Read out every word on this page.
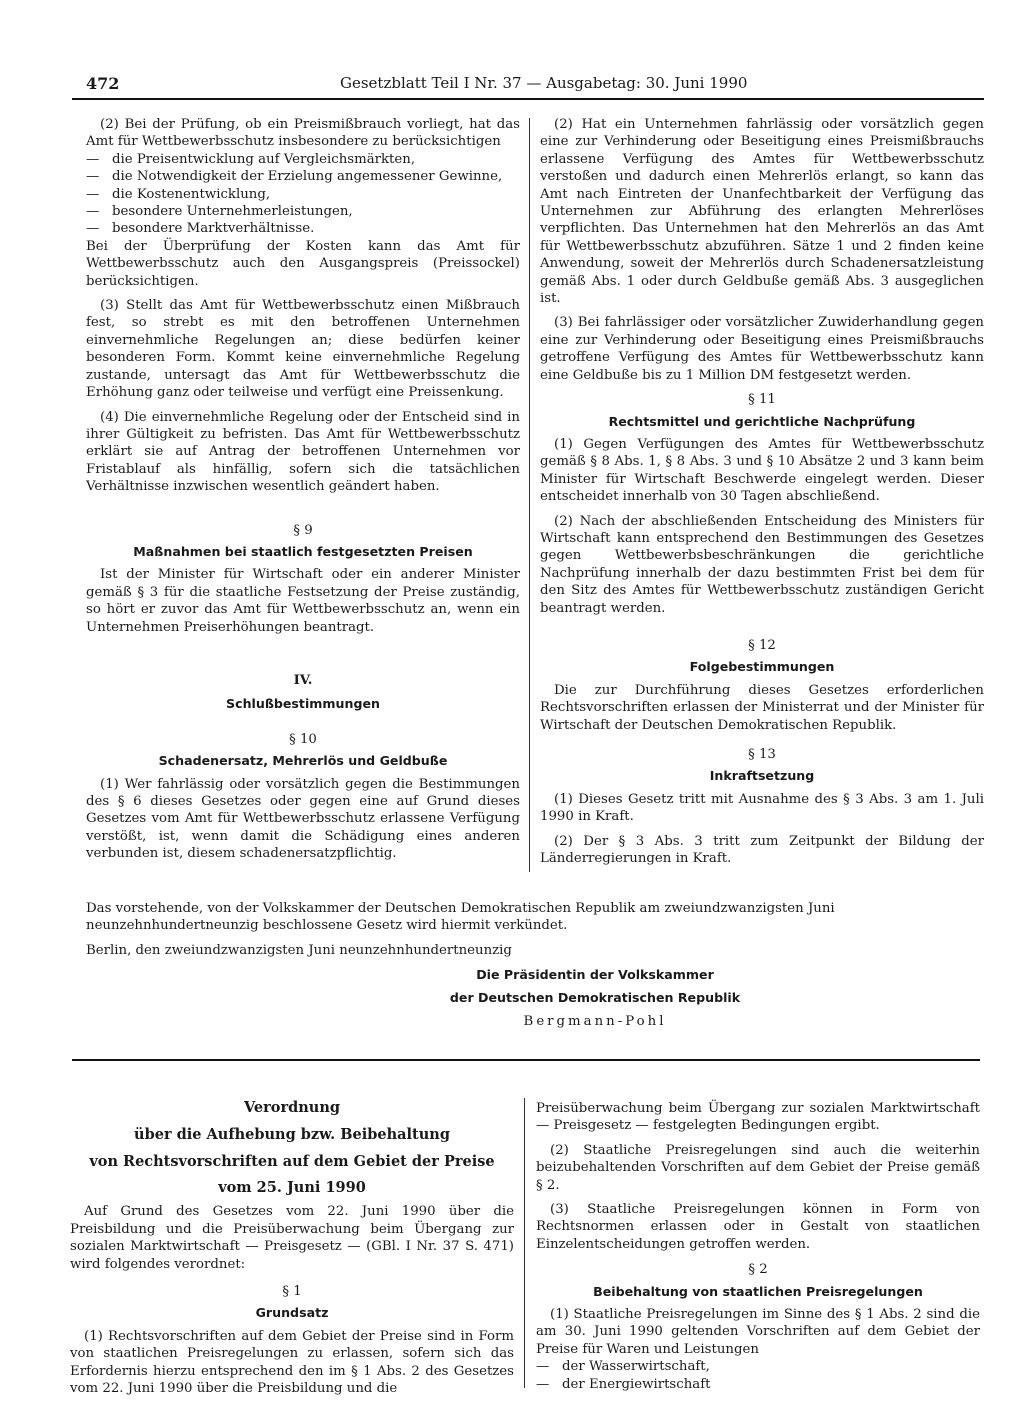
472	Gesetzblatt Teil I Nr. 37 — Ausgabetag: 30. Juni 1990

(2) Bei der Prüfung, ob ein Preismißbrauch vorliegt, hat das Amt für Wettbewerbsschutz insbesondere zu berücksichtigen

— die Preisentwicklung auf Vergleichsmärkten,
— die Notwendigkeit der Erzielung angemessener Gewinne,
— die Kostenentwicklung,
— besondere Unternehmerleistungen,
— besondere Marktverhältnisse.

Bei der Überprüfung der Kosten kann das Amt für Wettbewerbsschutz auch den Ausgangspreis (Preissockel) berücksichtigen.

(3) Stellt das Amt für Wettbewerbsschutz einen Mißbrauch fest, so strebt es mit den betroffenen Unternehmen einvernehmliche Regelungen an; diese bedürfen keiner besonderen Form. Kommt keine einvernehmliche Regelung zustande, untersagt das Amt für Wettbewerbsschutz die Erhöhung ganz oder teilweise und verfügt eine Preissenkung.

(4) Die einvernehmliche Regelung oder der Entscheid sind in ihrer Gültigkeit zu befristen. Das Amt für Wettbewerbsschutz erklärt sie auf Antrag der betroffenen Unternehmen vor Fristablauf als hinfällig, sofern sich die tatsächlichen Verhältnisse inzwischen wesentlich geändert haben.

§ 9
Maßnahmen bei staatlich festgesetzten Preisen

Ist der Minister für Wirtschaft oder ein anderer Minister gemäß § 3 für die staatliche Festsetzung der Preise zuständig, so hört er zuvor das Amt für Wettbewerbsschutz an, wenn ein Unternehmen Preiserhöhungen beantragt.

IV.
Schlußbestimmungen
§ 10
Schadenersatz, Mehrerlös und Geldbuße

(1) Wer fahrlässig oder vorsätzlich gegen die Bestimmungen des § 6 dieses Gesetzes oder gegen eine auf Grund dieses Gesetzes vom Amt für Wettbewerbsschutz erlassene Verfügung verstößt, ist, wenn damit die Schädigung eines anderen verbunden ist, diesem schadenersatzpflichtig.

(2) Hat ein Unternehmen fahrlässig oder vorsätzlich gegen eine zur Verhinderung oder Beseitigung eines Preismißbrauchs erlassene Verfügung des Amtes für Wettbewerbsschutz verstoßen und dadurch einen Mehrerlös erlangt, so kann das Amt nach Eintreten der Unanfechtbarkeit der Verfügung das Unternehmen zur Abführung des erlangten Mehrerlöses verpflichten. Das Unternehmen hat den Mehrerlös an das Amt für Wettbewerbsschutz abzuführen. Sätze 1 und 2 finden keine Anwendung, soweit der Mehrerlös durch Schadenersatzleistung gemäß Abs. 1 oder durch Geldbuße gemäß Abs. 3 ausgeglichen ist.

(3) Bei fahrlässiger oder vorsätzlicher Zuwiderhandlung gegen eine zur Verhinderung oder Beseitigung eines Preismißbrauchs getroffene Verfügung des Amtes für Wettbewerbsschutz kann eine Geldbuße bis zu 1 Million DM festgesetzt werden.

§ 11
Rechtsmittel und gerichtliche Nachprüfung

(1) Gegen Verfügungen des Amtes für Wettbewerbsschutz gemäß § 8 Abs. 1, § 8 Abs. 3 und § 10 Absätze 2 und 3 kann beim Minister für Wirtschaft Beschwerde eingelegt werden. Dieser entscheidet innerhalb von 30 Tagen abschließend.

(2) Nach der abschließenden Entscheidung des Ministers für Wirtschaft kann entsprechend den Bestimmungen des Gesetzes gegen Wettbewerbsbeschränkungen die gerichtliche Nachprüfung innerhalb der dazu bestimmten Frist bei dem für den Sitz des Amtes für Wettbewerbsschutz zuständigen Gericht beantragt werden.

§ 12
Folgebestimmungen

Die zur Durchführung dieses Gesetzes erforderlichen Rechtsvorschriften erlassen der Ministerrat und der Minister für Wirtschaft der Deutschen Demokratischen Republik.

§ 13
Inkraftsetzung

(1) Dieses Gesetz tritt mit Ausnahme des § 3 Abs. 3 am 1. Juli 1990 in Kraft.

(2) Der § 3 Abs. 3 tritt zum Zeitpunkt der Bildung der Länderregierungen in Kraft.

Das vorstehende, von der Volkskammer der Deutschen Demokratischen Republik am zweiundzwanzigsten Juni neunzehnhundertneunzig beschlossene Gesetz wird hiermit verkündet.

Berlin, den zweiundzwanzigsten Juni neunzehnhundertneunzig

Die Präsidentin der Volkskammer

der Deutschen Demokratischen Republik

Bergmann-Pohl

Verordnung

über die Aufhebung bzw. Beibehaltung

von Rechtsvorschriften auf dem Gebiet der Preise

vom 25. Juni 1990

Auf Grund des Gesetzes vom 22. Juni 1990 über die Preisbildung und die Preisüberwachung beim Übergang zur sozialen Marktwirtschaft — Preisgesetz — (GBl. I Nr. 37 S. 471) wird folgendes verordnet:

§ 1
Grundsatz

(1) Rechtsvorschriften auf dem Gebiet der Preise sind in Form von staatlichen Preisregelungen zu erlassen, sofern sich das Erfordernis hierzu entsprechend den im § 1 Abs. 2 des Gesetzes vom 22. Juni 1990 über die Preisbildung und die

Preisüberwachung beim Übergang zur sozialen Marktwirtschaft — Preisgesetz — festgelegten Bedingungen ergibt.

(2) Staatliche Preisregelungen sind auch die weiterhin beizubehaltenden Vorschriften auf dem Gebiet der Preise gemäß § 2.

(3) Staatliche Preisregelungen können in Form von Rechtsnormen erlassen oder in Gestalt von staatlichen Einzelentscheidungen getroffen werden.

§ 2
Beibehaltung von staatlichen Preisregelungen

(1) Staatliche Preisregelungen im Sinne des § 1 Abs. 2 sind die am 30. Juni 1990 geltenden Vorschriften auf dem Gebiet der Preise für Waren und Leistungen

— der Wasserwirtschaft,
— der Energiewirtschaft
